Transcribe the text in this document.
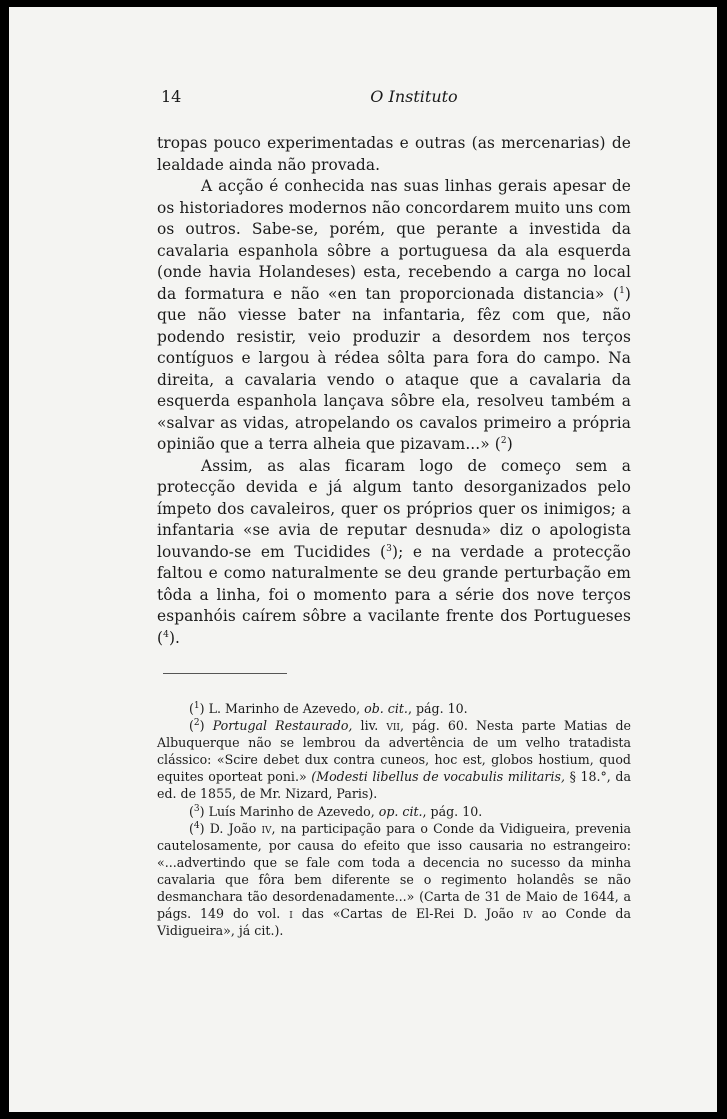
14	O Instituto

tropas pouco experimentadas e outras (as mercenarias) de lealdade ainda não provada.

A acção é conhecida nas suas linhas gerais apesar de os historiadores modernos não concordarem muito uns com os outros. Sabe-se, porém, que perante a investida da cavalaria espanhola sôbre a portuguesa da ala esquerda (onde havia Holandeses) esta, recebendo a carga no local da formatura e não «en tan proporcionada distancia» ($^1$) que não viesse bater na infantaria, fêz com que, não podendo resistir, veio produzir a desordem nos terços contíguos e largou à rédea sôlta para fora do campo. Na direita, a cavalaria vendo o ataque que a cavalaria da esquerda espanhola lançava sôbre ela, resolveu também a «salvar as vidas, atropelando os cavalos primeiro a própria opinião que a terra alheia que pizavam...» ($^2$)

Assim, as alas ficaram logo de começo sem a protecção devida e já algum tanto desorganizados pelo ímpeto dos cavaleiros, quer os próprios quer os inimigos; a infantaria «se avia de reputar desnuda» diz o apologista louvando-se em Tucidides ($^3$); e na verdade a protecção faltou e como naturalmente se deu grande perturbação em tôda a linha, foi o momento para a série dos nove terços espanhóis caírem sôbre a vacilante frente dos Portugueses ($^4$).

($^1$) L. Marinho de Azevedo, ob. cit., pág. 10.

($^2$) Portugal Restaurado, liv. vii, pág. 60. Nesta parte Matias de Albuquerque não se lembrou da advertência de um velho tratadista clássico: «Scire debet dux contra cuneos, hoc est, globos hostium, quod equites oporteat poni.» (Modesti libellus de vocabulis militaris, § 18.°, da ed. de 1855, de Mr. Nizard, Paris).

($^3$) Luís Marinho de Azevedo, op. cit., pág. 10.

($^4$) D. João iv, na participação para o Conde da Vidigueira, prevenia cautelosamente, por causa do efeito que isso causaria no estrangeiro: «...advertindo que se fale com toda a decencia no sucesso da minha cavalaria que fôra bem diferente se o regimento holandês se não desmanchara tão desordenadamente...» (Carta de 31 de Maio de 1644, a págs. 149 do vol. i das «Cartas de El-Rei D. João iv ao Conde da Vidigueira», já cit.).
